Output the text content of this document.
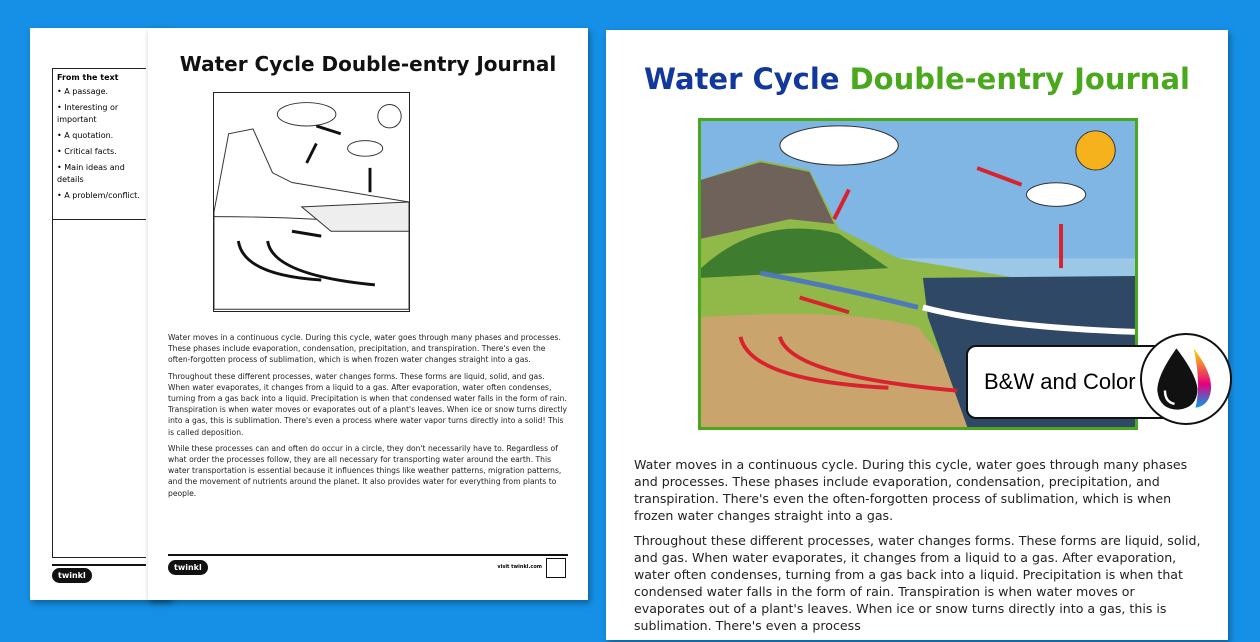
From the text
• A passage.
• Interesting or important
• A quotation.
• Critical facts.
• Main ideas and details
• A problem/conflict.
twinkl
Water Cycle Double-entry Journal

Water moves in a continuous cycle. During this cycle, water goes through many phases and processes. These phases include evaporation, condensation, precipitation, and transpiration. There's even the often-forgotten process of sublimation, which is when frozen water changes straight into a gas.

Throughout these different processes, water changes forms. These forms are liquid, solid, and gas. When water evaporates, it changes from a liquid to a gas. After evaporation, water often condenses, turning from a gas back into a liquid. Precipitation is when that condensed water falls in the form of rain. Transpiration is when water moves or evaporates out of a plant's leaves. When ice or snow turns directly into a gas, this is sublimation. There's even a process where water vapor turns directly into a solid! This is called deposition.

While these processes can and often do occur in a circle, they don't necessarily have to. Regardless of what order the processes follow, they are all necessary for transporting water around the earth. This water transportation is essential because it influences things like weather patterns, migration patterns, and the movement of nutrients around the planet. It also provides water for everything from plants to people.

twinkl	visit twinkl.com
Water Cycle Double-entry Journal

Water moves in a continuous cycle. During this cycle, water goes through many phases and processes. These phases include evaporation, condensation, precipitation, and transpiration. There's even the often-forgotten process of sublimation, which is when frozen water changes straight into a gas.

Throughout these different processes, water changes forms. These forms are liquid, solid, and gas. When water evaporates, it changes from a liquid to a gas. After evaporation, water often condenses, turning from a gas back into a liquid. Precipitation is when that condensed water falls in the form of rain. Transpiration is when water moves or evaporates out of a plant's leaves. When ice or snow turns directly into a gas, this is sublimation. There's even a process

B&W and Color
